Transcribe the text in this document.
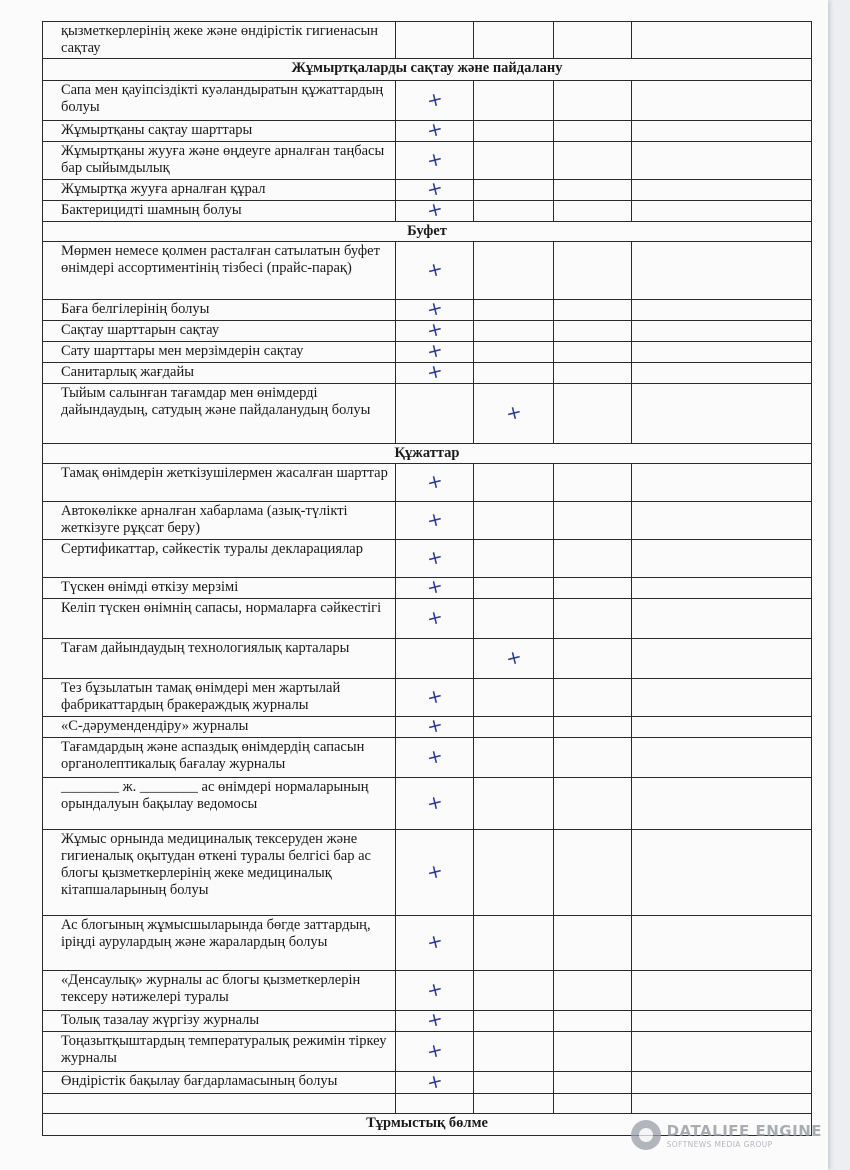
қызметкерлерінің жеке және өндірістік гигиенасын сақтау				
Жұмыртқаларды сақтау және пайдалану				
Сапа мен қауіпсіздікті куәландыратын құжаттардың болуы	+			
Жұмыртқаны сақтау шарттары	+			
Жұмыртқаны жууға және өңдеуге арналған таңбасы бар сыйымдылық	+			
Жұмыртқа жууға арналған құрал	+			
Бактерицидті шамның болуы	+			
Буфет				
Мөрмен немесе қолмен расталған сатылатын буфет өнімдері ассортиментінің тізбесі (прайс-парақ)	+			
Баға белгілерінің болуы	+			
Сақтау шарттарын сақтау	+			
Сату шарттары мен мерзімдерін сақтау	+			
Санитарлық жағдайы	+			
Тыйым салынған тағамдар мен өнімдерді дайындаудың, сатудың және пайдаланудың болуы		+		
Құжаттар				
Тамақ өнімдерін жеткізушілермен жасалған шарттар	+			
Автокөлікке арналған хабарлама (азық-түлікті жеткізуге рұқсат беру)	+			
Сертификаттар, сәйкестік туралы декларациялар	+			
Түскен өнімді өткізу мерзімі	+			
Келіп түскен өнімнің сапасы, нормаларға сәйкестігі	+			
Тағам дайындаудың технологиялық карталары		+		
Тез бұзылатын тамақ өнімдері мен жартылай фабрикаттардың бракераждық журналы	+			
«С-дәрумендендіру» журналы	+			
Тағамдардың және аспаздық өнімдердің сапасын органолептикалық бағалау журналы	+			
________ ж. ________ ас өнімдері нормаларының орындалуын бақылау ведомосы	+			
Жұмыс орнында медициналық тексеруден және гигиеналық оқытудан өткені туралы белгісі бар ас блогы қызметкерлерінің жеке медициналық кітапшаларының болуы	+			
Ас блогының жұмысшыларында бөгде заттардың, іріңді аурулардың және жаралардың болуы	+			
«Денсаулық» журналы ас блогы қызметкерлерін тексеру нәтижелері туралы	+			
Толық тазалау жүргізу журналы	+			
Тоңазытқыштардың температуралық режимін тіркеу журналы	+			
Өндірістік бақылау бағдарламасының болуы	+			

Тұрмыстық бөлме					DATALIFE ENGINE
SOFTNEWS MEDIA GROUP
